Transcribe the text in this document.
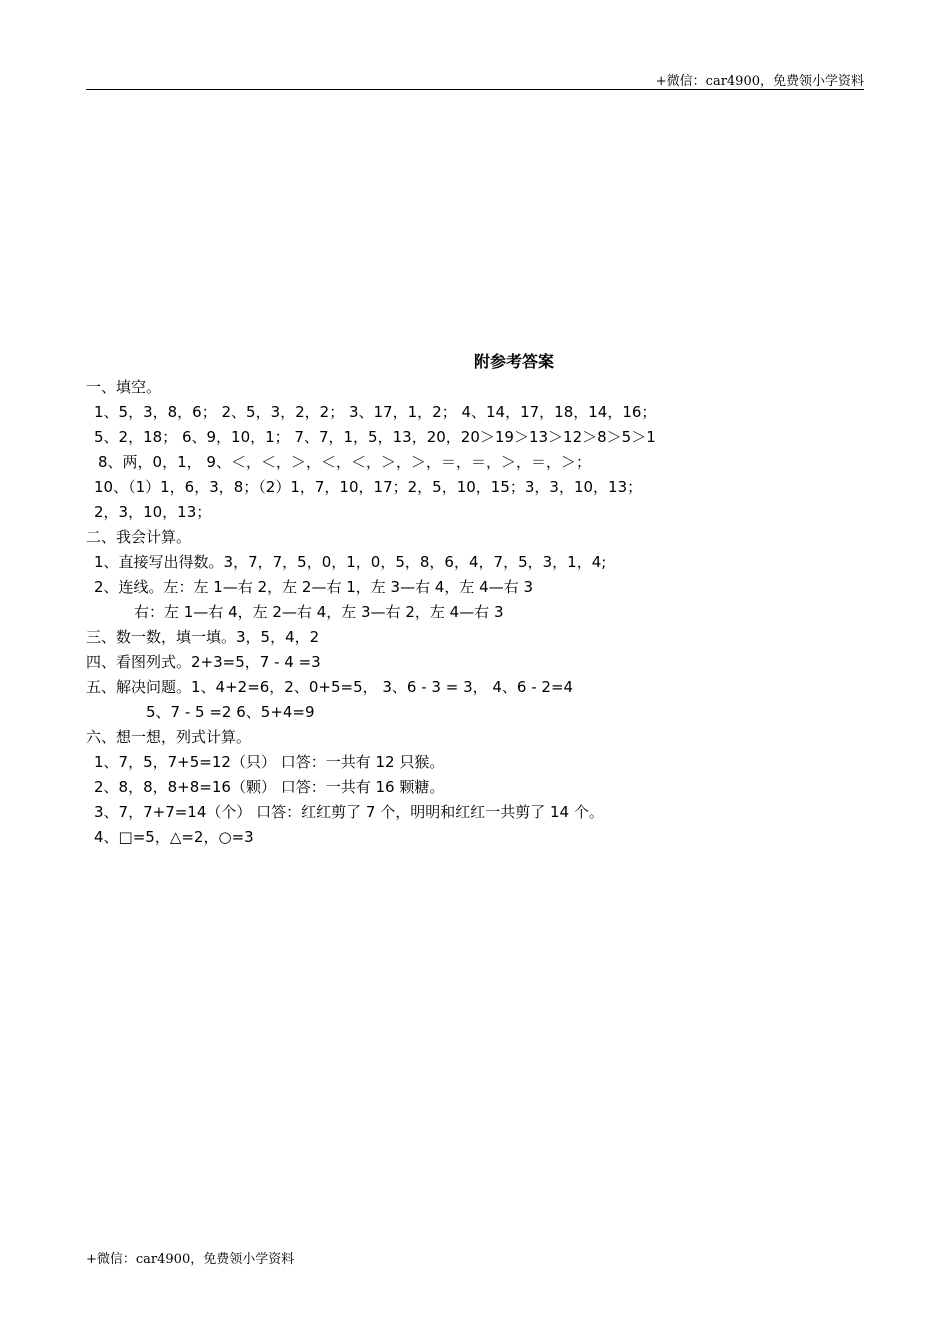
+微信：car4900，免费领小学资料
附参考答案
一、填空。
1、5，3，8，6； 2、5，3，2，2； 3、17，1，2； 4、14，17，18，14，16；
5、2，18； 6、9，10，1； 7、7，1，5，13，20，20＞19＞13＞12＞8＞5＞1
8、两，0，1， 9、＜，＜，＞，＜，＜，＞，＞，＝，＝，＞，＝，＞；
10、（1）1，6，3，8；（2）1，7，10，17；2，5，10，15；3，3，10，13；
2，3，10，13；
二、我会计算。
1、直接写出得数。3，7，7，5，0，1，0，5，8，6，4，7，5，3，1，4;
2、连线。左：左 1—右 2，左 2—右 1，左 3—右 4，左 4—右 3
右：左 1—右 4，左 2—右 4，左 3—右 2，左 4—右 3
三、数一数，填一填。3，5，4，2
四、看图列式。2+3=5，7 - 4 =3
五、解决问题。1、4+2=6，2、0+5=5， 3、6 - 3 = 3， 4、6 - 2=4
5、7 - 5 =2 6、5+4=9
六、想一想，列式计算。
1、7，5，7+5=12（只） 口答：一共有 12 只猴。
2、8，8，8+8=16（颗） 口答：一共有 16 颗糖。
3、7，7+7=14（个） 口答：红红剪了 7 个，明明和红红一共剪了 14 个。
4、□=5，△=2，○=3
+微信：car4900，免费领小学资料
